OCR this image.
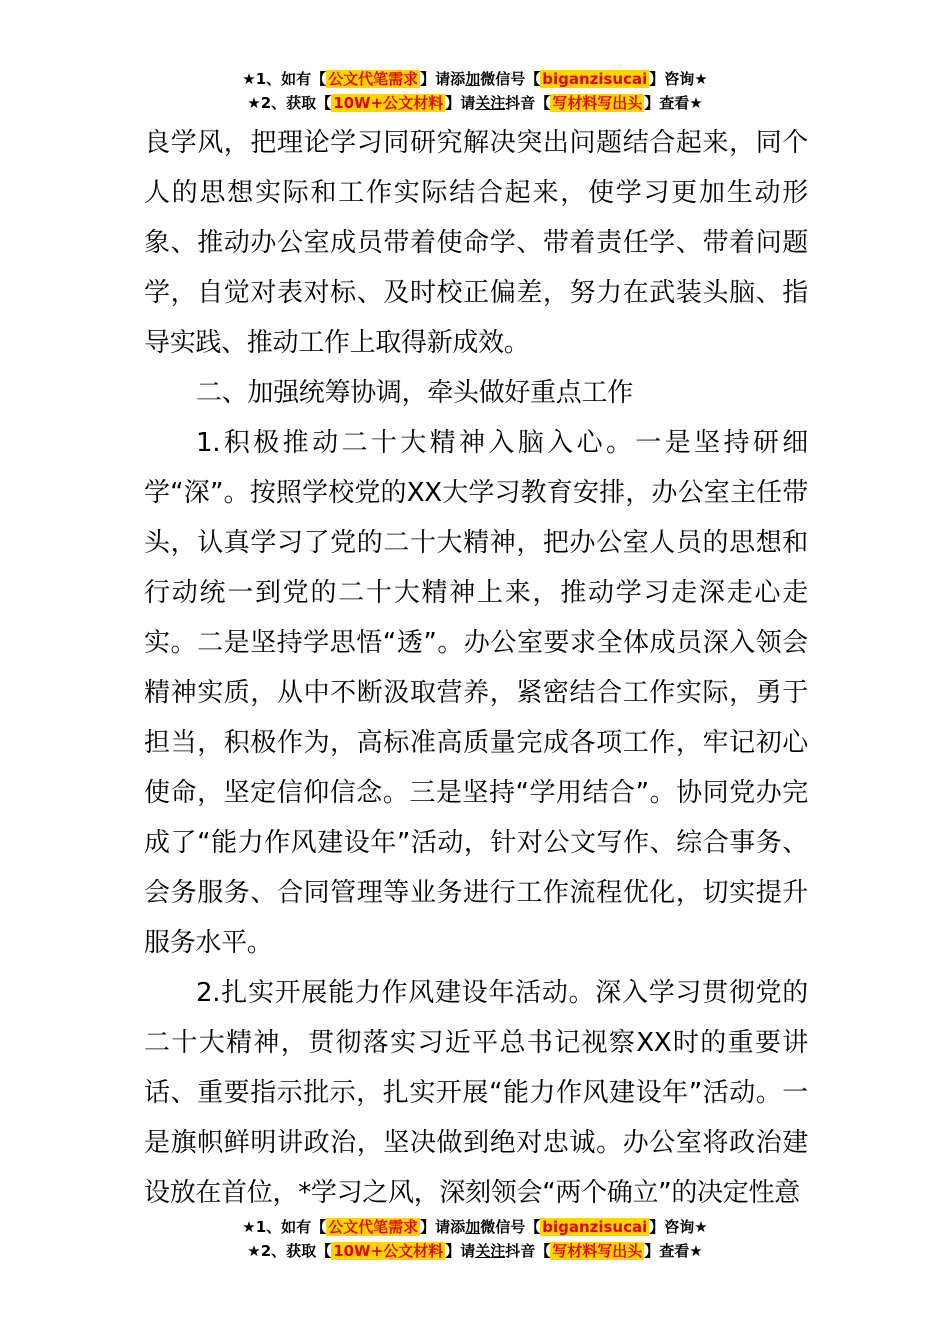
★1、如有【 公文代笔需求 】请添加微信号【 biganzisucai 】咨询★
★2、获取【 10W+公文材料 】请关注抖音【 写材料写出头 】查看★

良学风，把理论学习同研究解决突出问题结合起来，同个人的思想实际和工作实际结合起来，使学习更加生动形象、推动办公室成员带着使命学、带着责任学、带着问题学，自觉对表对标、及时校正偏差，努力在武装头脑、指导实践、推动工作上取得新成效。

二、加强统筹协调，牵头做好重点工作

1.积极推动二十大精神入脑入心。一是坚持研细学“深”。按照学校党的XX大学习教育安排，办公室主任带头，认真学习了党的二十大精神，把办公室人员的思想和行动统一到党的二十大精神上来，推动学习走深走心走实。二是坚持学思悟“透”。办公室要求全体成员深入领会精神实质，从中不断汲取营养，紧密结合工作实际，勇于担当，积极作为，高标准高质量完成各项工作，牢记初心使命，坚定信仰信念。三是坚持“学用结合”。协同党办完成了“能力作风建设年”活动，针对公文写作、综合事务、会务服务、合同管理等业务进行工作流程优化，切实提升服务水平。

2.扎实开展能力作风建设年活动。深入学习贯彻党的二十大精神，贯彻落实习近平总书记视察XX时的重要讲话、重要指示批示，扎实开展“能力作风建设年”活动。一是旗帜鲜明讲政治，坚决做到绝对忠诚。办公室将政治建设放在首位，*学习之风，深刻领会“两个确立”的决定性意

★1、如有【 公文代笔需求 】请添加微信号【 biganzisucai 】咨询★
★2、获取【 10W+公文材料 】请关注抖音【 写材料写出头 】查看★
